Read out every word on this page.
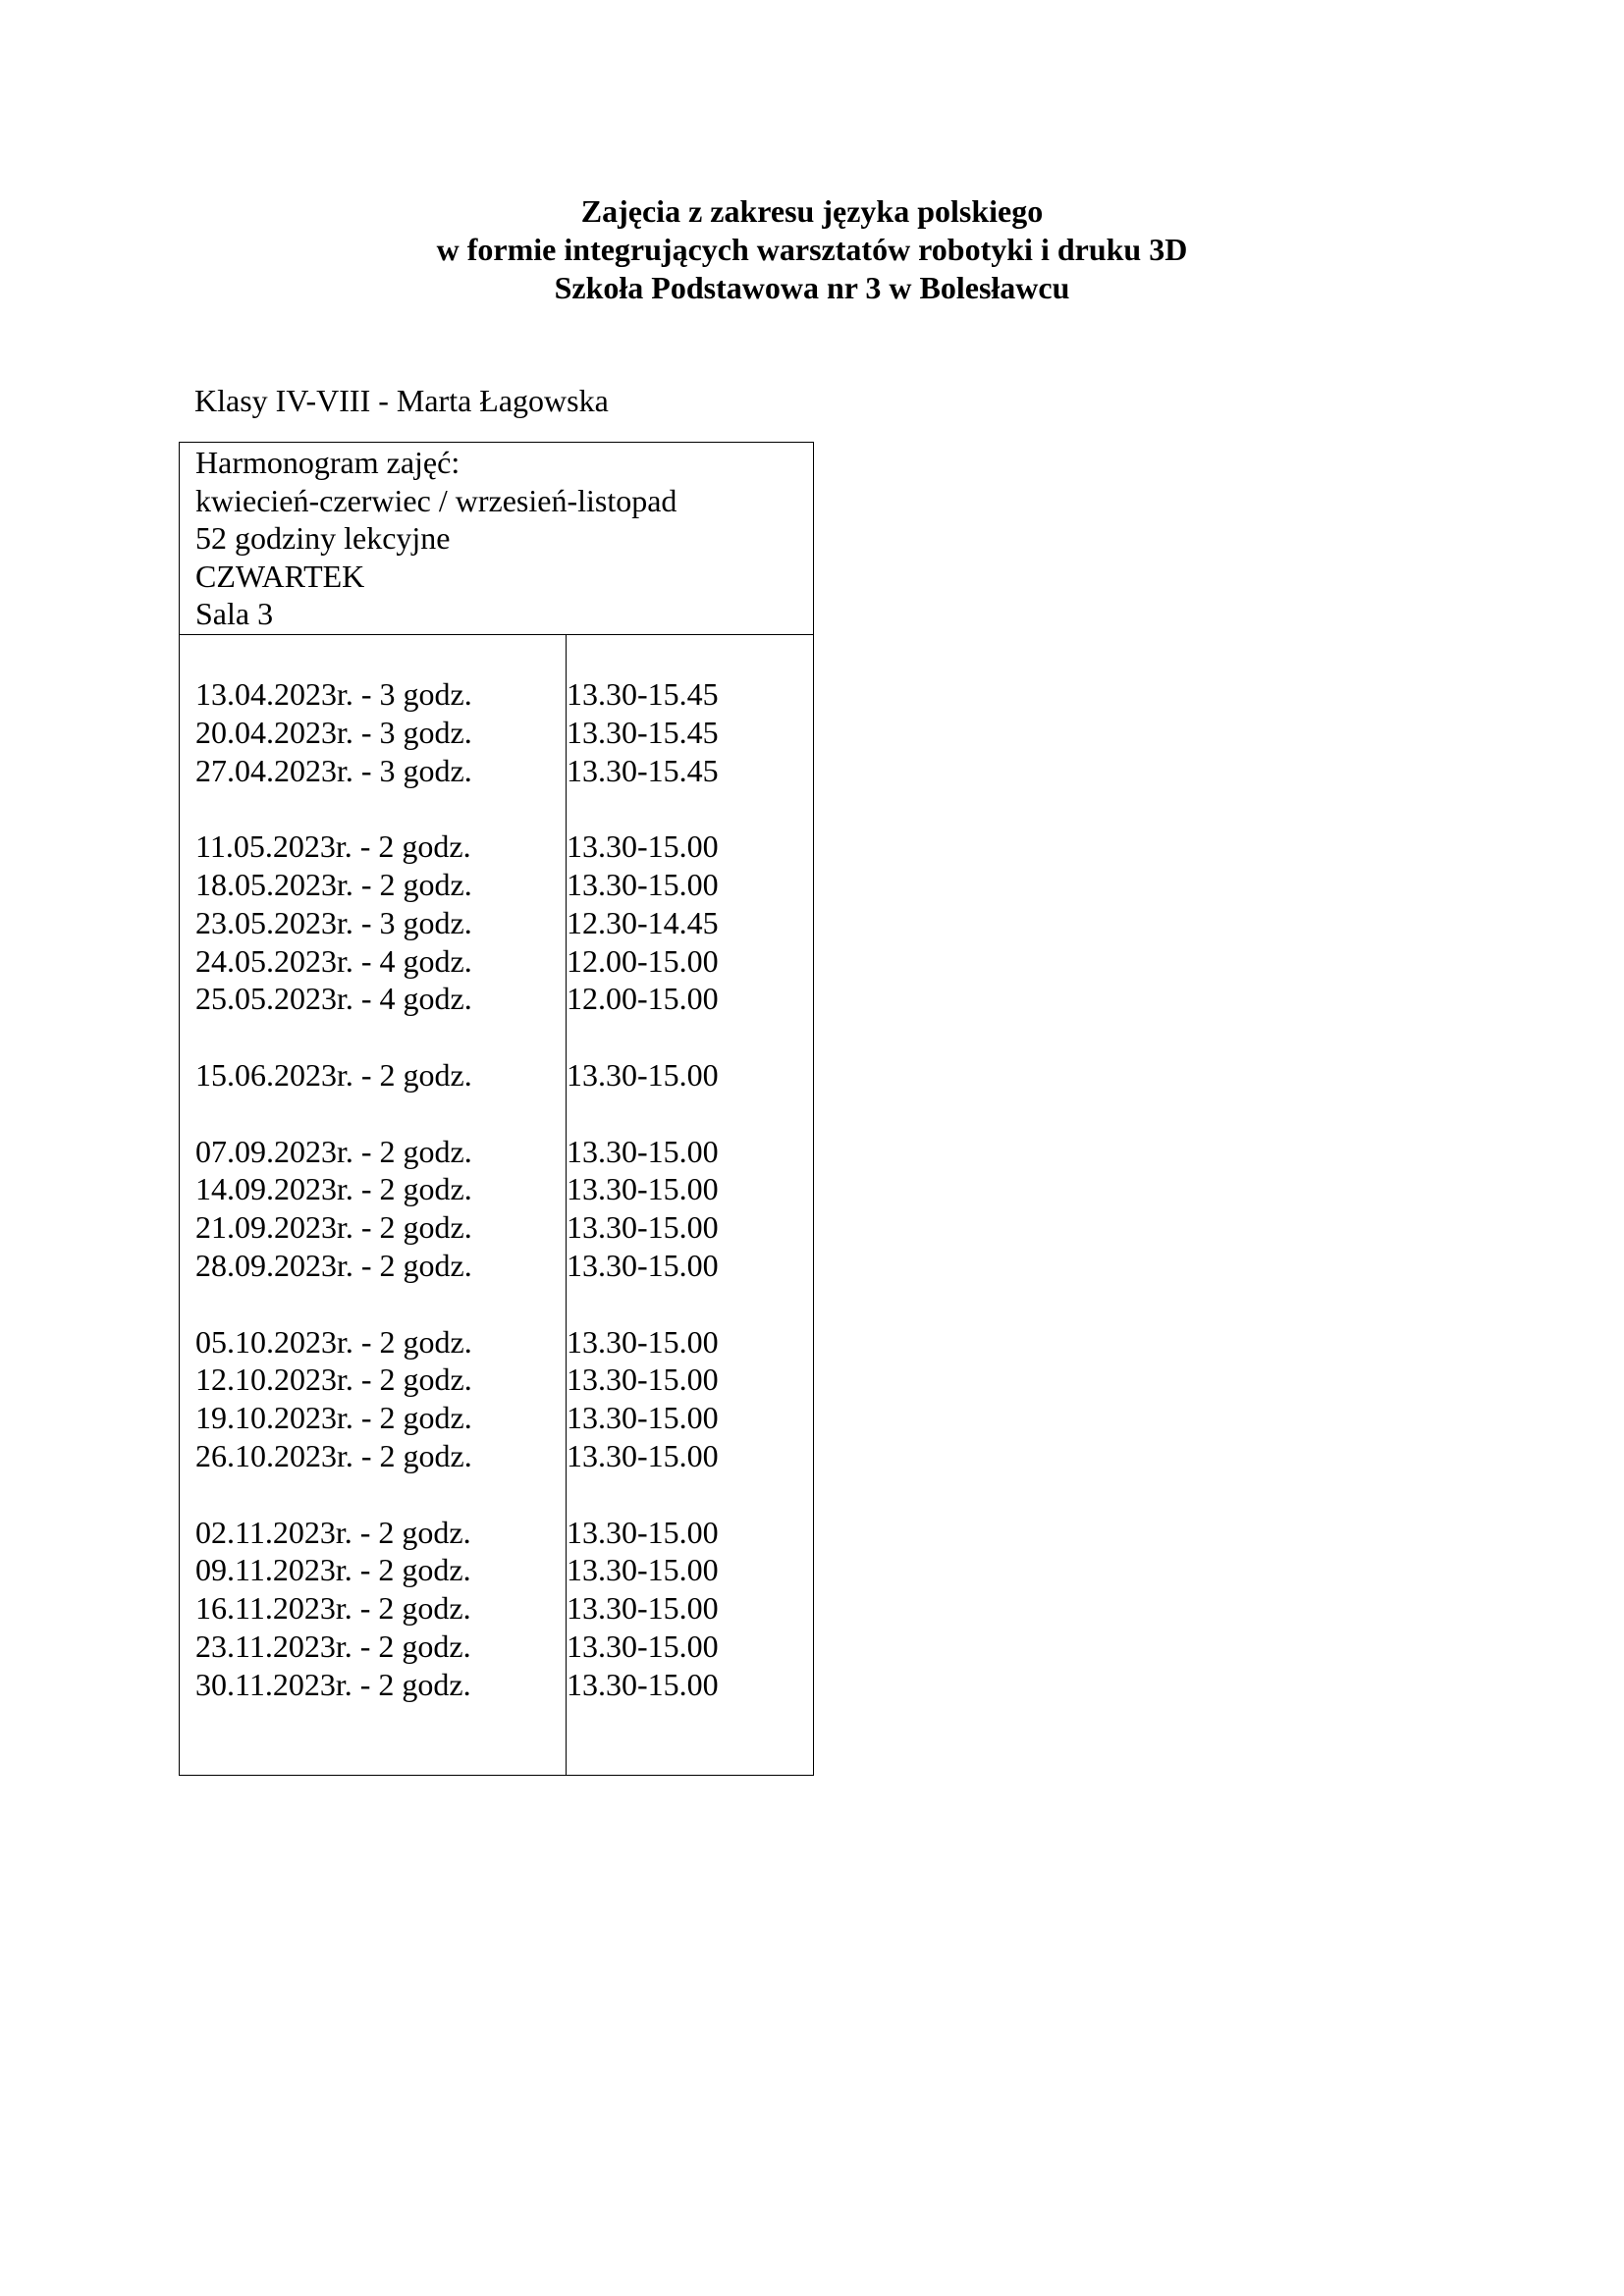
Zajęcia z zakresu języka polskiego
w formie integrujących warsztatów robotyki i druku 3D
Szkoła Podstawowa nr 3 w Bolesławcu
Klasy IV-VIII - Marta Łagowska
Harmonogram zajęć:
kwiecień-czerwiec / wrzesień-listopad
52 godziny lekcyjne
CZWARTEK
Sala 3
13.04.2023r. - 3 godz.	13.30-15.45
20.04.2023r. - 3 godz.	13.30-15.45
27.04.2023r. - 3 godz.	13.30-15.45
11.05.2023r. - 2 godz.	13.30-15.00
18.05.2023r. - 2 godz.	13.30-15.00
23.05.2023r. - 3 godz.	12.30-14.45
24.05.2023r. - 4 godz.	12.00-15.00
25.05.2023r. - 4 godz.	12.00-15.00
15.06.2023r. - 2 godz.	13.30-15.00
07.09.2023r. - 2 godz.	13.30-15.00
14.09.2023r. - 2 godz.	13.30-15.00
21.09.2023r. - 2 godz.	13.30-15.00
28.09.2023r. - 2 godz.	13.30-15.00
05.10.2023r. - 2 godz.	13.30-15.00
12.10.2023r. - 2 godz.	13.30-15.00
19.10.2023r. - 2 godz.	13.30-15.00
26.10.2023r. - 2 godz.	13.30-15.00
02.11.2023r. - 2 godz.	13.30-15.00
09.11.2023r. - 2 godz.	13.30-15.00
16.11.2023r. - 2 godz.	13.30-15.00
23.11.2023r. - 2 godz.	13.30-15.00
30.11.2023r. - 2 godz.	13.30-15.00
